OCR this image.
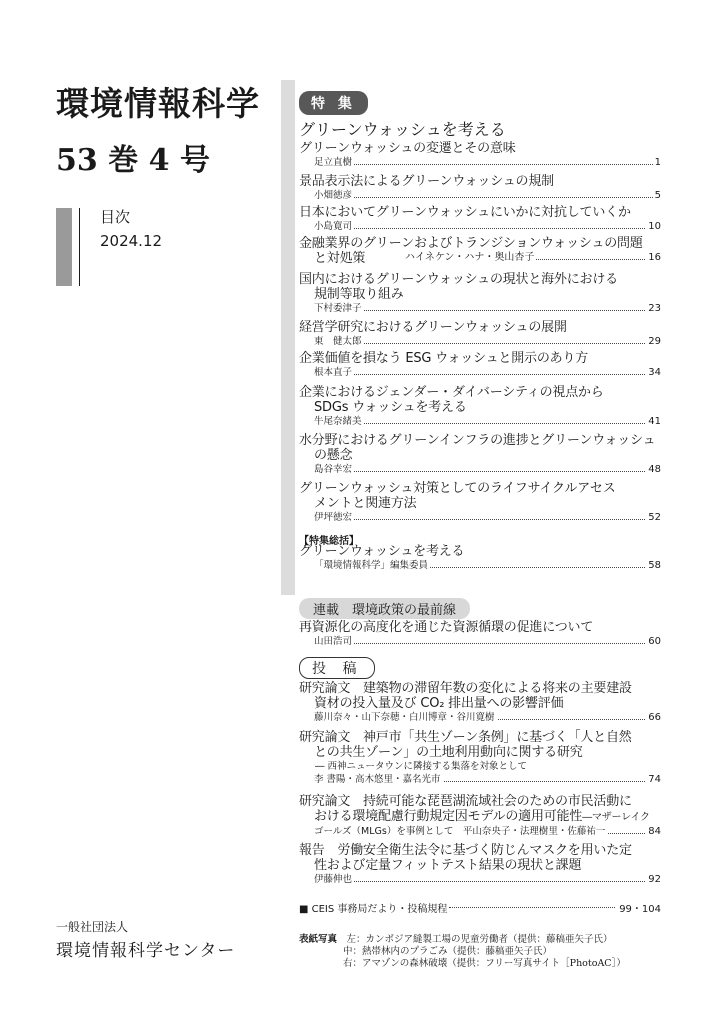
環境情報科学
53 巻 4 号
目次
2024.12
一般社団法人
環境情報科学センター
特 集
グリーンウォッシュを考える
グリーンウォッシュの変遷とその意味
足立直樹	1
景品表示法によるグリーンウォッシュの規制
小畑徳彦	5
日本においてグリーンウォッシュにいかに対抗していくか
小島寛司	10
金融業界のグリーンおよびトランジションウォッシュの問題
と対処策	ハイネケン・ハナ・奥山杏子	16
国内におけるグリーンウォッシュの現状と海外における
規制等取り組み
下村委津子	23
経営学研究におけるグリーンウォッシュの展開
東　健太郎	29
企業価値を損なう ESG ウォッシュと開示のあり方
根本直子	34
企業におけるジェンダー・ダイバーシティの視点から
SDGs ウォッシュを考える
牛尾奈緒美	41
水分野におけるグリーンインフラの進捗とグリーンウォッシュ
の懸念
島谷幸宏	48
グリーンウォッシュ対策としてのライフサイクルアセス
メントと関連方法
伊坪徳宏	52
グリーンウォッシュを考える
「環境情報科学」編集委員	58
再資源化の高度化を通じた資源循環の促進について
山田浩司	60
研究論文　建築物の滞留年数の変化による将来の主要建設
資材の投入量及び CO₂ 排出量への影響評価
藤川奈々・山下奈穂・白川博章・谷川寛樹	66
研究論文　神戸市「共生ゾーン条例」に基づく「人と自然
との共生ゾーン」の土地利用動向に関する研究
― 西神ニュータウンに隣接する集落を対象として
李 書陽・高木悠里・嘉名光市	74
研究論文　持続可能な琵琶湖流域社会のための市民活動に
おける環境配慮行動規定因モデルの適用可能性―マザーレイク
ゴールズ（MLGs）を事例として　平山奈央子・法理樹里・佐藤祐一	84
報告　労働安全衛生法令に基づく防じんマスクを用いた定
性および定量フィットテスト結果の現状と課題
伊藤伸也	92
【特集総括】
連載　環境政策の最前線
投 稿
■ CEIS 事務局だより・投稿規程	99・104
表紙写真　 左：カンボジア縫製工場の児童労働者（提供：藤稿亜矢子氏）
中：熱帯林内のプラごみ（提供：藤稿亜矢子氏）
右：アマゾンの森林破壊（提供：フリー写真サイト［PhotoAC］）
